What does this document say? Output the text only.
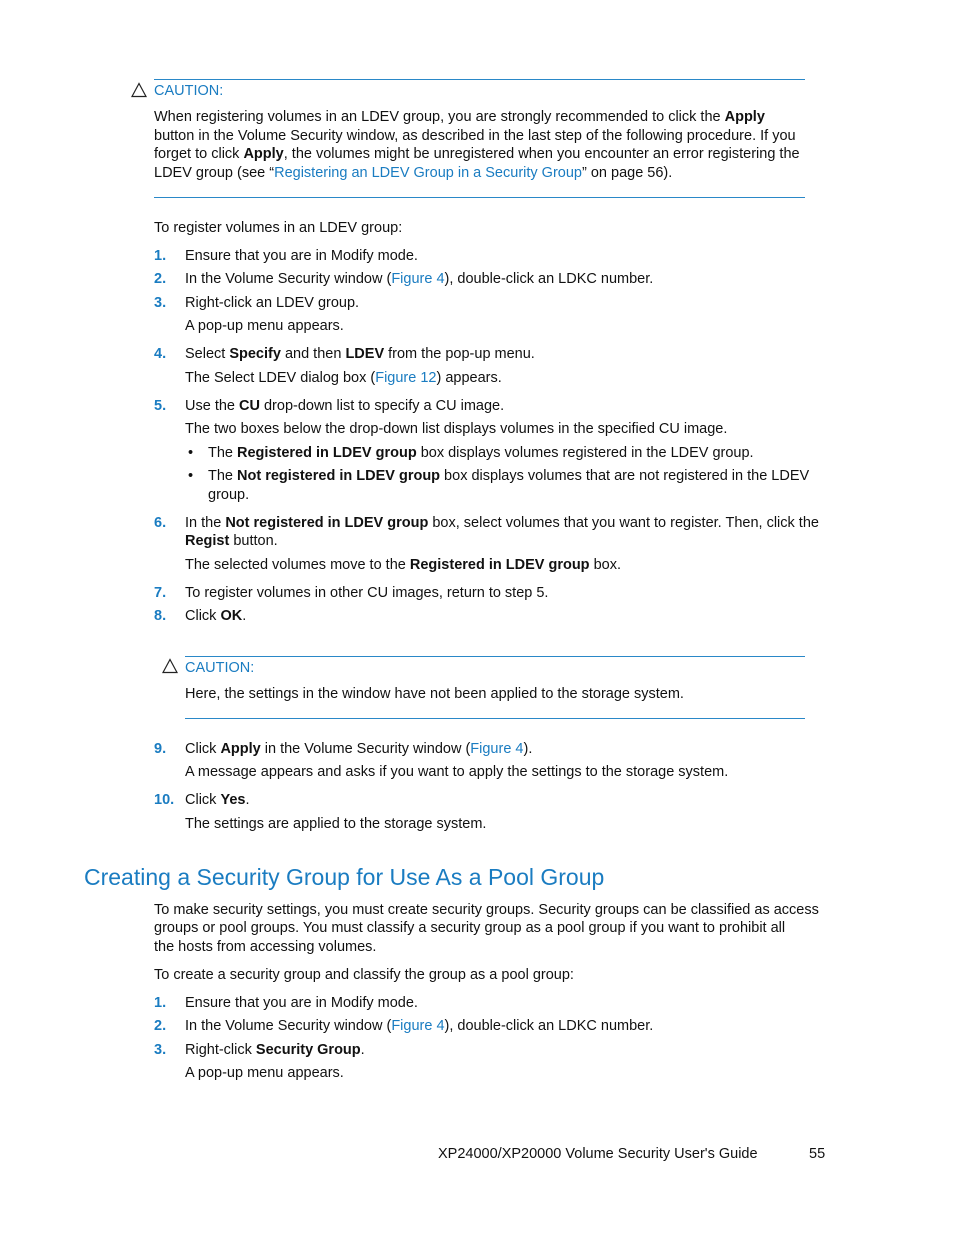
CAUTION:
When registering volumes in an LDEV group, you are strongly recommended to click the Apply button in the Volume Security window, as described in the last step of the following procedure. If you forget to click Apply, the volumes might be unregistered when you encounter an error registering the LDEV group (see “Registering an LDEV Group in a Security Group” on page 56).
To register volumes in an LDEV group:
1. Ensure that you are in Modify mode.
2. In the Volume Security window (Figure 4), double-click an LDKC number.
3. Right-click an LDEV group.
A pop-up menu appears.
4. Select Specify and then LDEV from the pop-up menu.
The Select LDEV dialog box (Figure 12) appears.
5. Use the CU drop-down list to specify a CU image.
The two boxes below the drop-down list displays volumes in the specified CU image.
• The Registered in LDEV group box displays volumes registered in the LDEV group.
• The Not registered in LDEV group box displays volumes that are not registered in the LDEV
group.
6. In the Not registered in LDEV group box, select volumes that you want to register. Then, click the
Regist button.
The selected volumes move to the Registered in LDEV group box.
7. To register volumes in other CU images, return to step 5.
8. Click OK.
CAUTION:
Here, the settings in the window have not been applied to the storage system.
9. Click Apply in the Volume Security window (Figure 4).
A message appears and asks if you want to apply the settings to the storage system.
10. Click Yes.
The settings are applied to the storage system.
Creating a Security Group for Use As a Pool Group
To make security settings, you must create security groups. Security groups can be classified as access
groups or pool groups. You must classify a security group as a pool group if you want to prohibit all
the hosts from accessing volumes.
To create a security group and classify the group as a pool group:
1. Ensure that you are in Modify mode.
2. In the Volume Security window (Figure 4), double-click an LDKC number.
3. Right-click Security Group.
A pop-up menu appears.
XP24000/XP20000 Volume Security User's Guide	55
